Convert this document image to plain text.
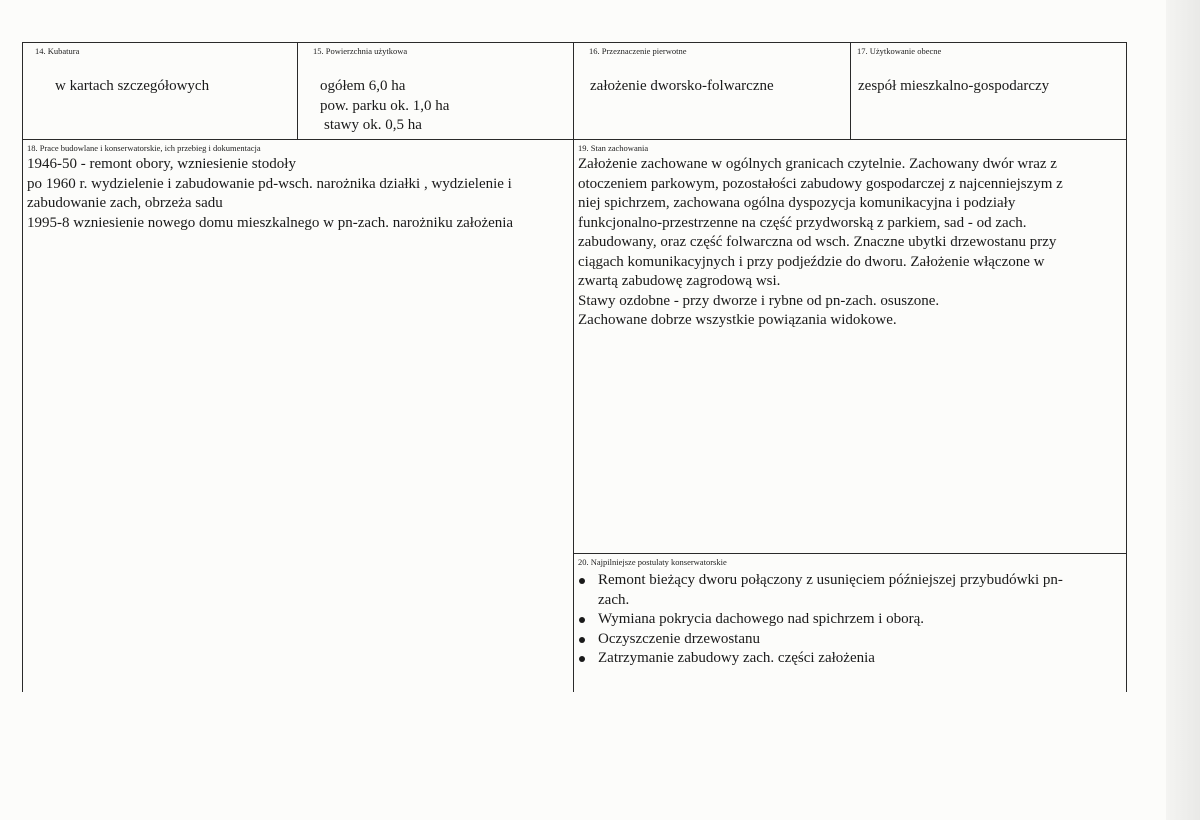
14. Kubatura
w kartach szczegółowych
15. Powierzchnia użytkowa
ogółem 6,0 ha
pow. parku ok. 1,0 ha
stawy ok. 0,5 ha
16. Przeznaczenie pierwotne
założenie dworsko-folwarczne
17. Użytkowanie obecne
zespół mieszkalno-gospodarczy
18. Prace budowlane i konserwatorskie, ich przebieg i dokumentacja
1946-50 - remont obory, wzniesienie stodoły
po 1960 r. wydzielenie i zabudowanie pd-wsch. narożnika działki , wydzielenie i
zabudowanie zach, obrzeża sadu
1995-8 wzniesienie nowego domu mieszkalnego w pn-zach. narożniku założenia
19. Stan zachowania
Założenie zachowane w ogólnych granicach czytelnie. Zachowany dwór wraz z
otoczeniem parkowym, pozostałości zabudowy gospodarczej z najcenniejszym z
niej spichrzem, zachowana ogólna dyspozycja komunikacyjna i podziały
funkcjonalno-przestrzenne na część przydworską z parkiem, sad - od zach.
zabudowany, oraz część folwarczna od wsch. Znaczne ubytki drzewostanu przy
ciągach komunikacyjnych i przy podjeździe do dworu. Założenie włączone w
zwartą zabudowę zagrodową wsi.
Stawy ozdobne - przy dworze i rybne od pn-zach. osuszone.
Zachowane dobrze wszystkie powiązania widokowe.
20. Najpilniejsze postulaty konserwatorskie
Remont bieżący dworu połączony z usunięciem późniejszej przybudówki pn-
zach.
Wymiana pokrycia dachowego nad spichrzem i oborą.
Oczyszczenie drzewostanu
Zatrzymanie zabudowy zach. części założenia
